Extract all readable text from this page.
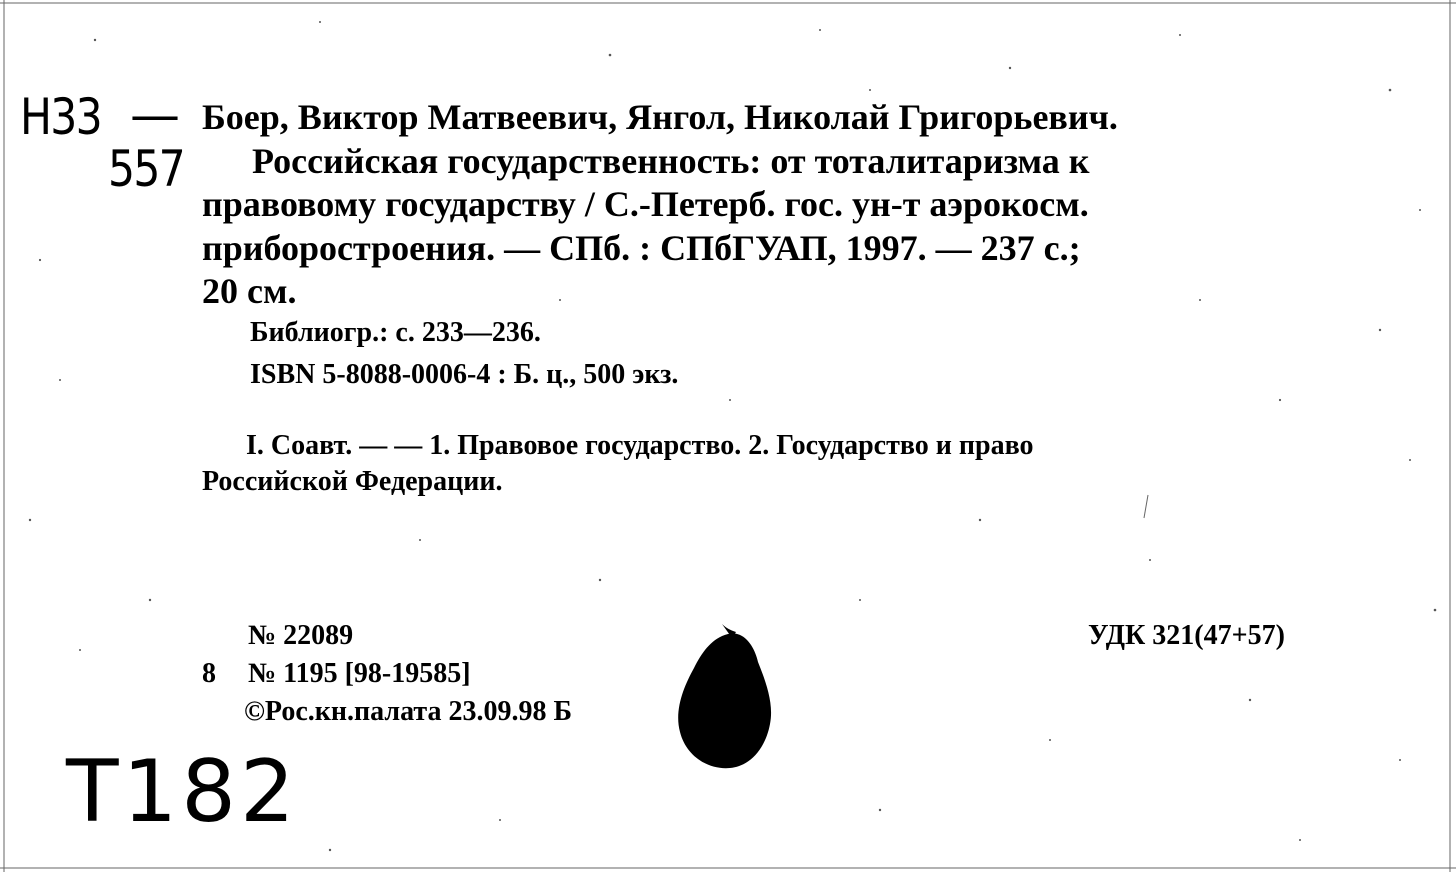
Н33 —
557
Боер, Виктор Матвеевич, Янгол, Николай Григорьевич.
Российская государственность: от тоталитаризма к
правовому государству / С.-Петерб. гос. ун-т аэрокосм.
приборостроения. — СПб. : СПбГУАП, 1997. — 237 с.;
20 см.
Библиогр.: с. 233—236.
ISBN 5-8088-0006-4 : Б. ц., 500 экз.
I. Соавт. — — 1. Правовое государство. 2. Государство и право
Российской Федерации.
№ 22089
8 № 1195 [98-19585]
©Рос.кн.палата 23.09.98 Б
УДК 321(47+57)
Т182
